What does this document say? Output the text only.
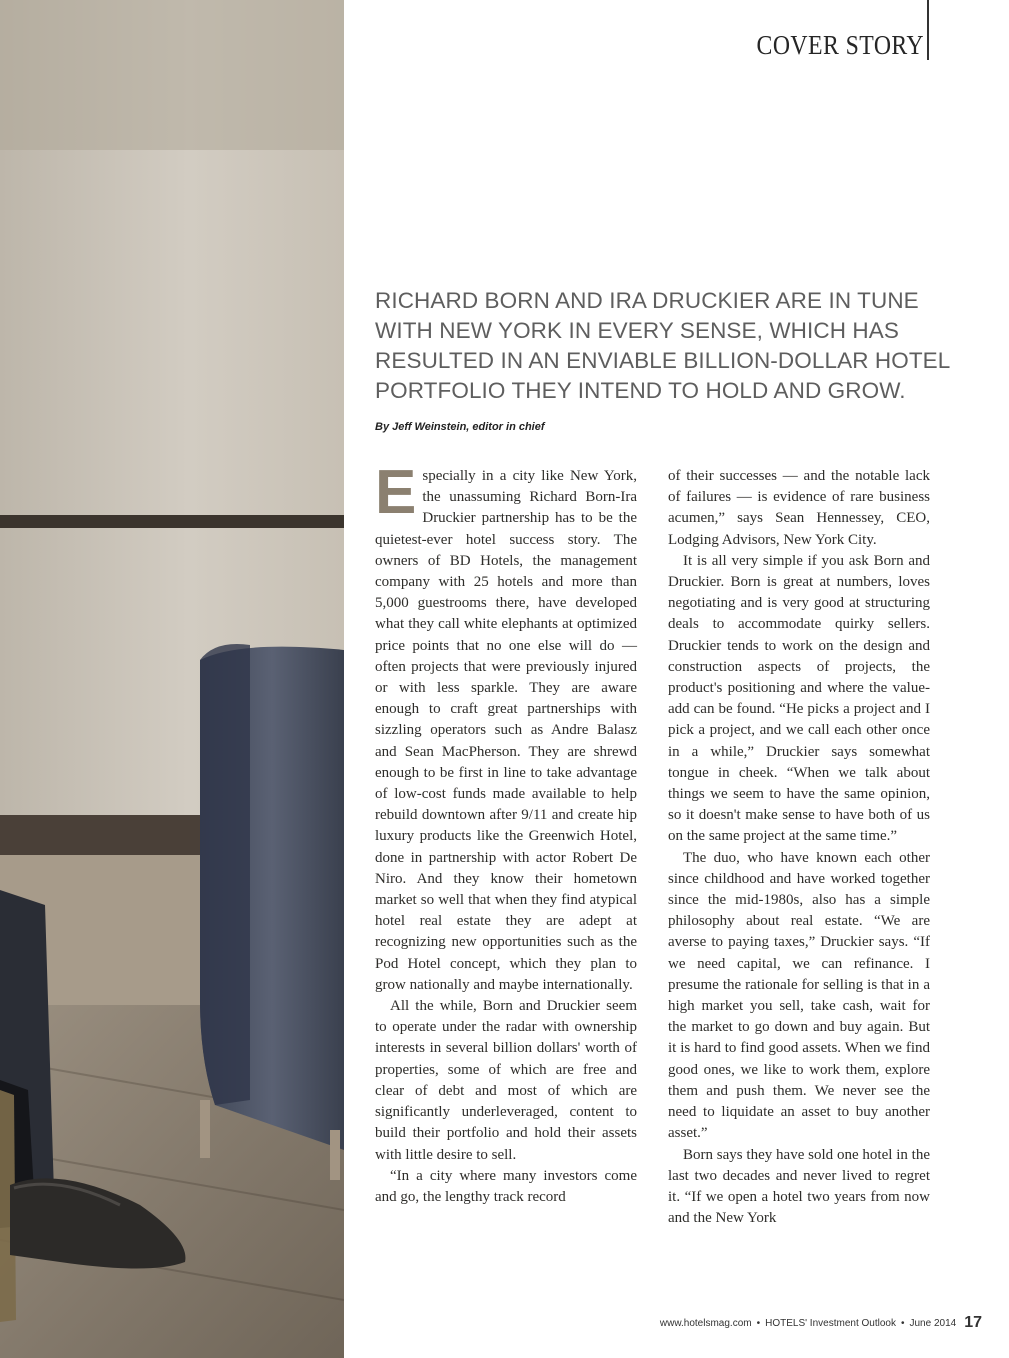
COVER STORY
RICHARD BORN AND IRA DRUCKIER ARE IN TUNE WITH NEW YORK IN EVERY SENSE, WHICH HAS RESULTED IN AN ENVIABLE BILLION-DOLLAR HOTEL PORTFOLIO THEY INTEND TO HOLD AND GROW.
By Jeff Weinstein, editor in chief

Especially in a city like New York, the unassuming Richard Born-Ira Druckier partnership has to be the quietest-ever hotel success story. The owners of BD Hotels, the management company with 25 hotels and more than 5,000 guestrooms there, have developed what they call white elephants at optimized price points that no one else will do — often projects that were previously injured or with less sparkle. They are aware enough to craft great partnerships with sizzling operators such as Andre Balasz and Sean MacPherson. They are shrewd enough to be first in line to take advantage of low-cost funds made available to help rebuild downtown after 9/11 and create hip luxury products like the Greenwich Hotel, done in partnership with actor Robert De Niro. And they know their hometown market so well that when they find atypical hotel real estate they are adept at recognizing new opportunities such as the Pod Hotel concept, which they plan to grow nationally and maybe internationally.

All the while, Born and Druckier seem to operate under the radar with ownership interests in several billion dollars' worth of properties, some of which are free and clear of debt and most of which are significantly underleveraged, content to build their portfolio and hold their assets with little desire to sell.

“In a city where many investors come and go, the lengthy track record

of their successes — and the notable lack of failures — is evidence of rare business acumen,” says Sean Hennessey, CEO, Lodging Advisors, New York City.

It is all very simple if you ask Born and Druckier. Born is great at numbers, loves negotiating and is very good at structuring deals to accommodate quirky sellers. Druckier tends to work on the design and construction aspects of projects, the product's positioning and where the value-add can be found. “He picks a project and I pick a project, and we call each other once in a while,” Druckier says somewhat tongue in cheek. “When we talk about things we seem to have the same opinion, so it doesn't make sense to have both of us on the same project at the same time.”

The duo, who have known each other since childhood and have worked together since the mid-1980s, also has a simple philosophy about real estate. “We are averse to paying taxes,” Druckier says. “If we need capital, we can refinance. I presume the rationale for selling is that in a high market you sell, take cash, wait for the market to go down and buy again. But it is hard to find good assets. When we find good ones, we like to work them, explore them and push them. We never see the need to liquidate an asset to buy another asset.”

Born says they have sold one hotel in the last two decades and never lived to regret it. “If we open a hotel two years from now and the New York

www.hotelsmag.com • HOTELS' Investment Outlook • June 2014 17
